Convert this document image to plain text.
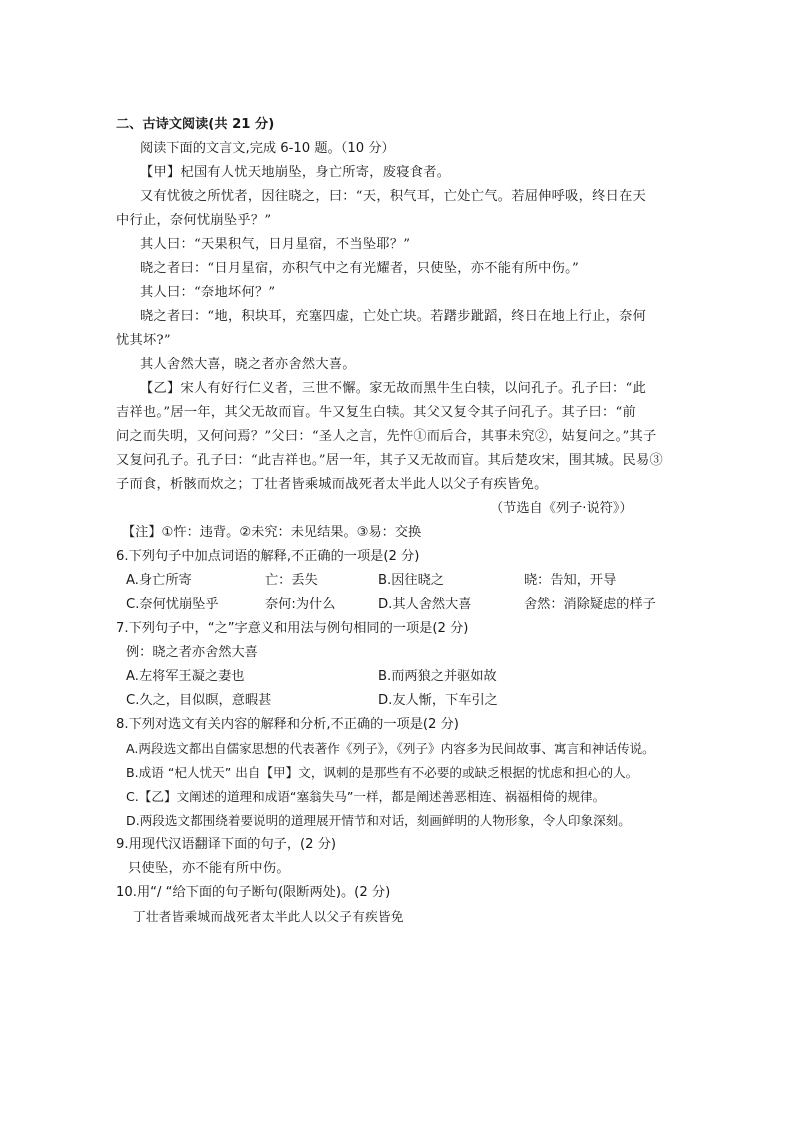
二、古诗文阅读(共 21 分)
阅读下面的文言文,完成 6-10 题。（10 分）
【甲】杞国有人忧天地崩坠，身亡所寄，废寝食者。
又有忧彼之所忧者，因往晓之，曰：“天，积气耳，亡处亡气。若屈伸呼吸，终日在天
中行止，奈何忧崩坠乎？”
其人曰：“天果积气，日月星宿，不当坠耶？”
晓之者曰：“日月星宿，亦积气中之有光耀者，只使坠，亦不能有所中伤。”
其人曰：“奈地坏何？”
晓之者曰：“地，积块耳，充塞四虚，亡处亡块。若躇步跐蹈，终日在地上行止，奈何
忧其坏?”
其人舍然大喜，晓之者亦舍然大喜。
【乙】宋人有好行仁义者，三世不懈。家无故而黑牛生白犊，以问孔子。孔子曰：“此
吉祥也。”居一年，其父无故而盲。牛又复生白犊。其父又复令其子问孔子。其子曰：“前
问之而失明，又何问焉？”父曰：“圣人之言，先忤①而后合，其事未究②，姑复问之。”其子
又复问孔子。孔子曰：“此吉祥也。”居一年，其子又无故而盲。其后楚攻宋，围其城。民易③
子而食，析骸而炊之；丁壮者皆乘城而战死者太半此人以父子有疾皆免。
（节选自《列子·说符》）
【注】①忤：违背。②未究：未见结果。③易：交换
6.下列句子中加点词语的解释,不正确的一项是(2 分)
A.身亡所寄	亡：丢失	B.因往晓之	晓：告知，开导
C.奈何忧崩坠乎	奈何:为什么	D.其人舍然大喜	舍然：消除疑虑的样子
7.下列句子中，“之”字意义和用法与例句相同的一项是(2 分)
例：晓之者亦舍然大喜
A.左将军王凝之妻也	B.而两狼之并驱如故
C.久之，目似瞑，意暇甚	D.友人惭，下车引之
8.下列对选文有关内容的解释和分析,不正确的一项是(2 分)
A.两段选文都出自儒家思想的代表著作《列子》，《列子》内容多为民间故事、寓言和神话传说。
B.成语 “杞人忧天” 出自【甲】文，讽刺的是那些有不必要的或缺乏根据的忧虑和担心的人。
C.【乙】文阐述的道理和成语“塞翁失马”一样，都是阐述善恶相连、祸福相倚的规律。
D.两段选文都围绕着要说明的道理展开情节和对话，刻画鲜明的人物形象，令人印象深刻。
9.用现代汉语翻译下面的句子，(2 分)
只使坠，亦不能有所中伤。
10.用“/ “给下面的句子断句(限断两处)。(2 分)
丁壮者皆乘城而战死者太半此人以父子有疾皆免
